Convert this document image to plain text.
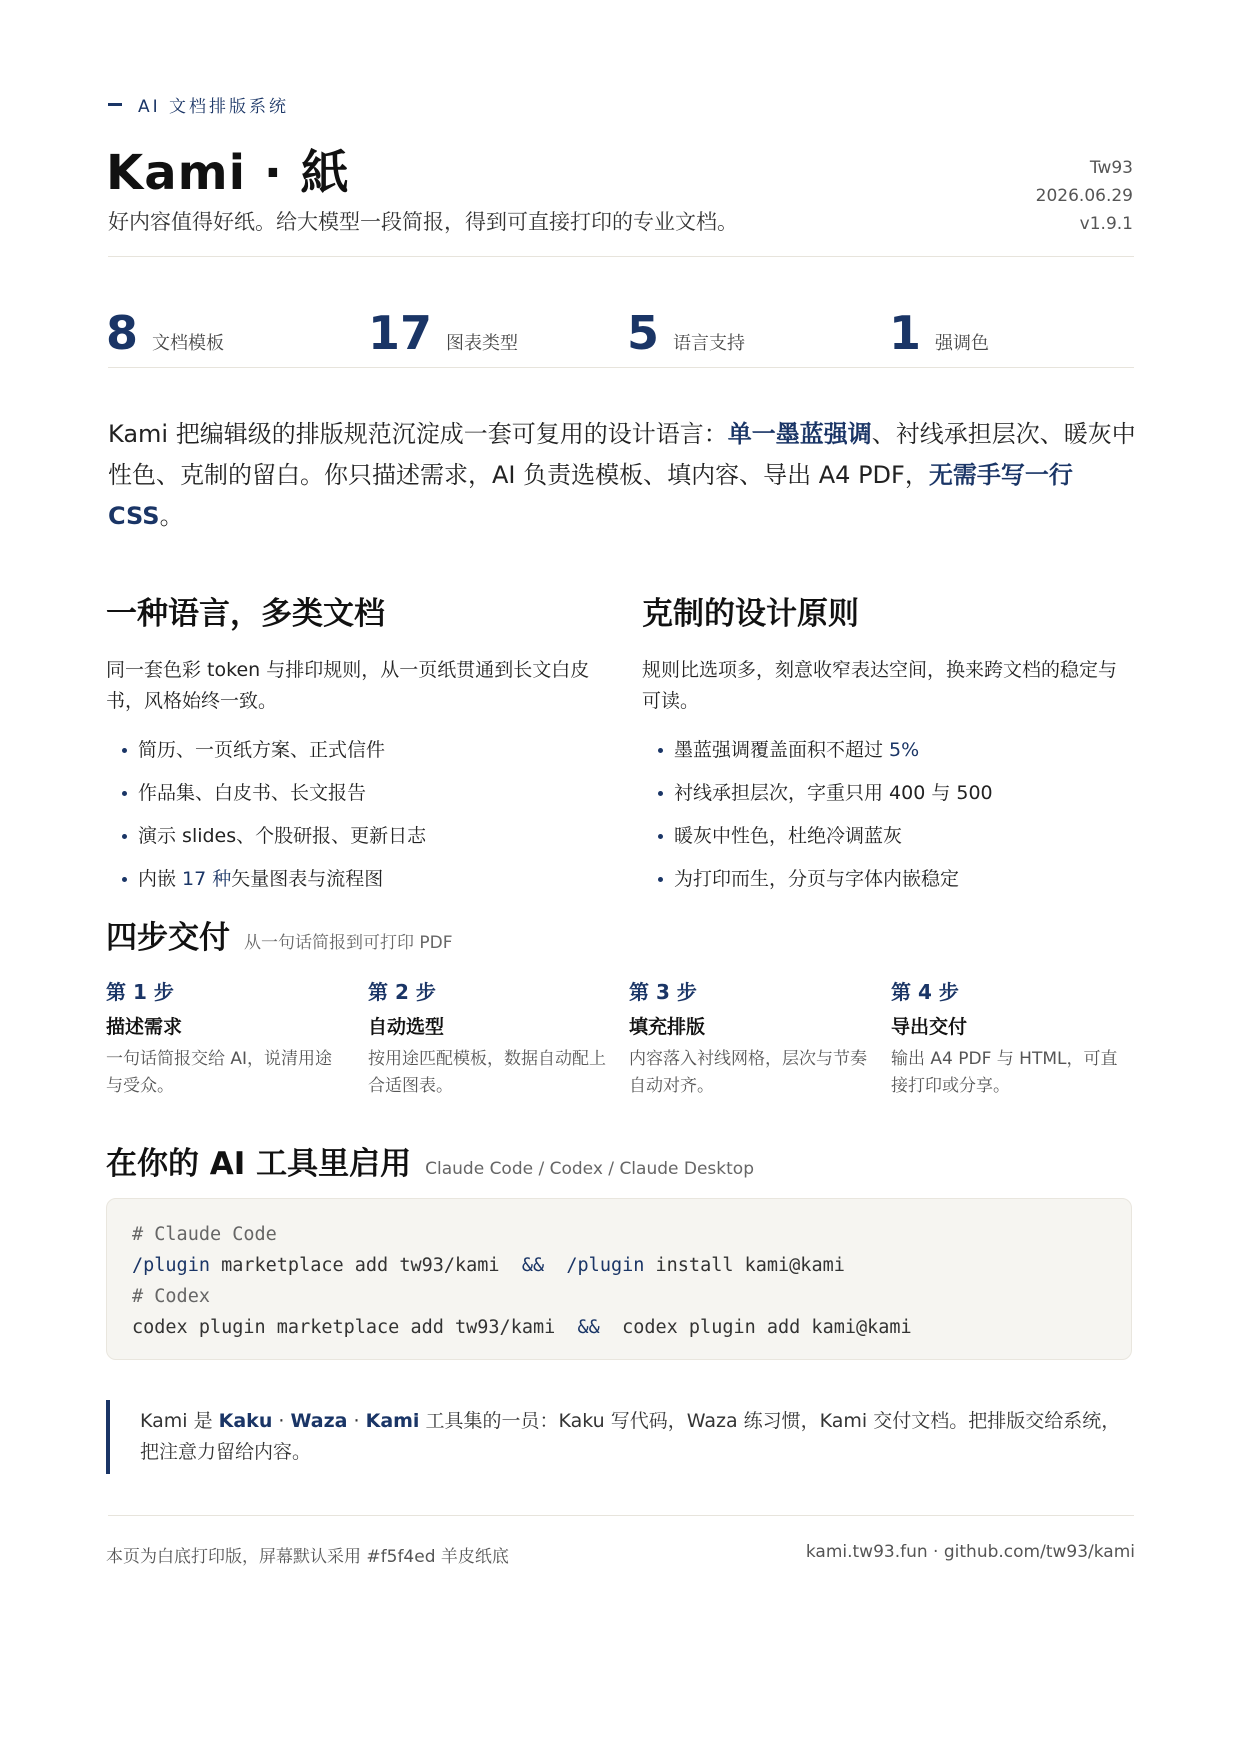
AI 文档排版系统
Kami · 紙
好内容值得好纸。给大模型一段简报，得到可直接打印的专业文档。
Tw93
2026.06.29
v1.9.1
8 文档模板	17 图表类型 5 语言支持	1 强调色
Kami 把编辑级的排版规范沉淀成一套可复用的设计语言：单一墨蓝强调、衬线承担层次、暖灰中性色、克制的留白。你只描述需求，AI 负责选模板、填内容、导出 A4 PDF，无需手写一行 CSS。
一种语言，多类文档

同一套色彩 token 与排印规则，从一页纸贯通到长文白皮书，风格始终一致。

简历、一页纸方案、正式信件
作品集、白皮书、长文报告
演示 slides、个股研报、更新日志
内嵌 17 种矢量图表与流程图
克制的设计原则

规则比选项多，刻意收窄表达空间，换来跨文档的稳定与可读。

墨蓝强调覆盖面积不超过 5%
衬线承担层次，字重只用 400 与 500
暖灰中性色，杜绝冷调蓝灰
为打印而生，分页与字体内嵌稳定
四步交付 从一句话简报到可打印 PDF
第 1 步
描述需求
一句话简报交给 AI，说清用途与受众。
第 2 步
自动选型
按用途匹配模板，数据自动配上合适图表。
第 3 步
填充排版
内容落入衬线网格，层次与节奏自动对齐。
第 4 步
导出交付
输出 A4 PDF 与 HTML，可直接打印或分享。
在你的 AI 工具里启用 Claude Code / Codex / Claude Desktop
# Claude Code
/plugin marketplace add tw93/kami  && /plugin install kami@kami
# Codex
codex plugin marketplace add tw93/kami  &&  codex plugin add kami@kami
Kami 是 Kaku · Waza · Kami 工具集的一员：Kaku 写代码，Waza 练习惯，Kami 交付文档。把排版交给系统，把注意力留给内容。
本页为白底打印版，屏幕默认采用 #f5f4ed 羊皮纸底	kami.tw93.fun · github.com/tw93/kami
